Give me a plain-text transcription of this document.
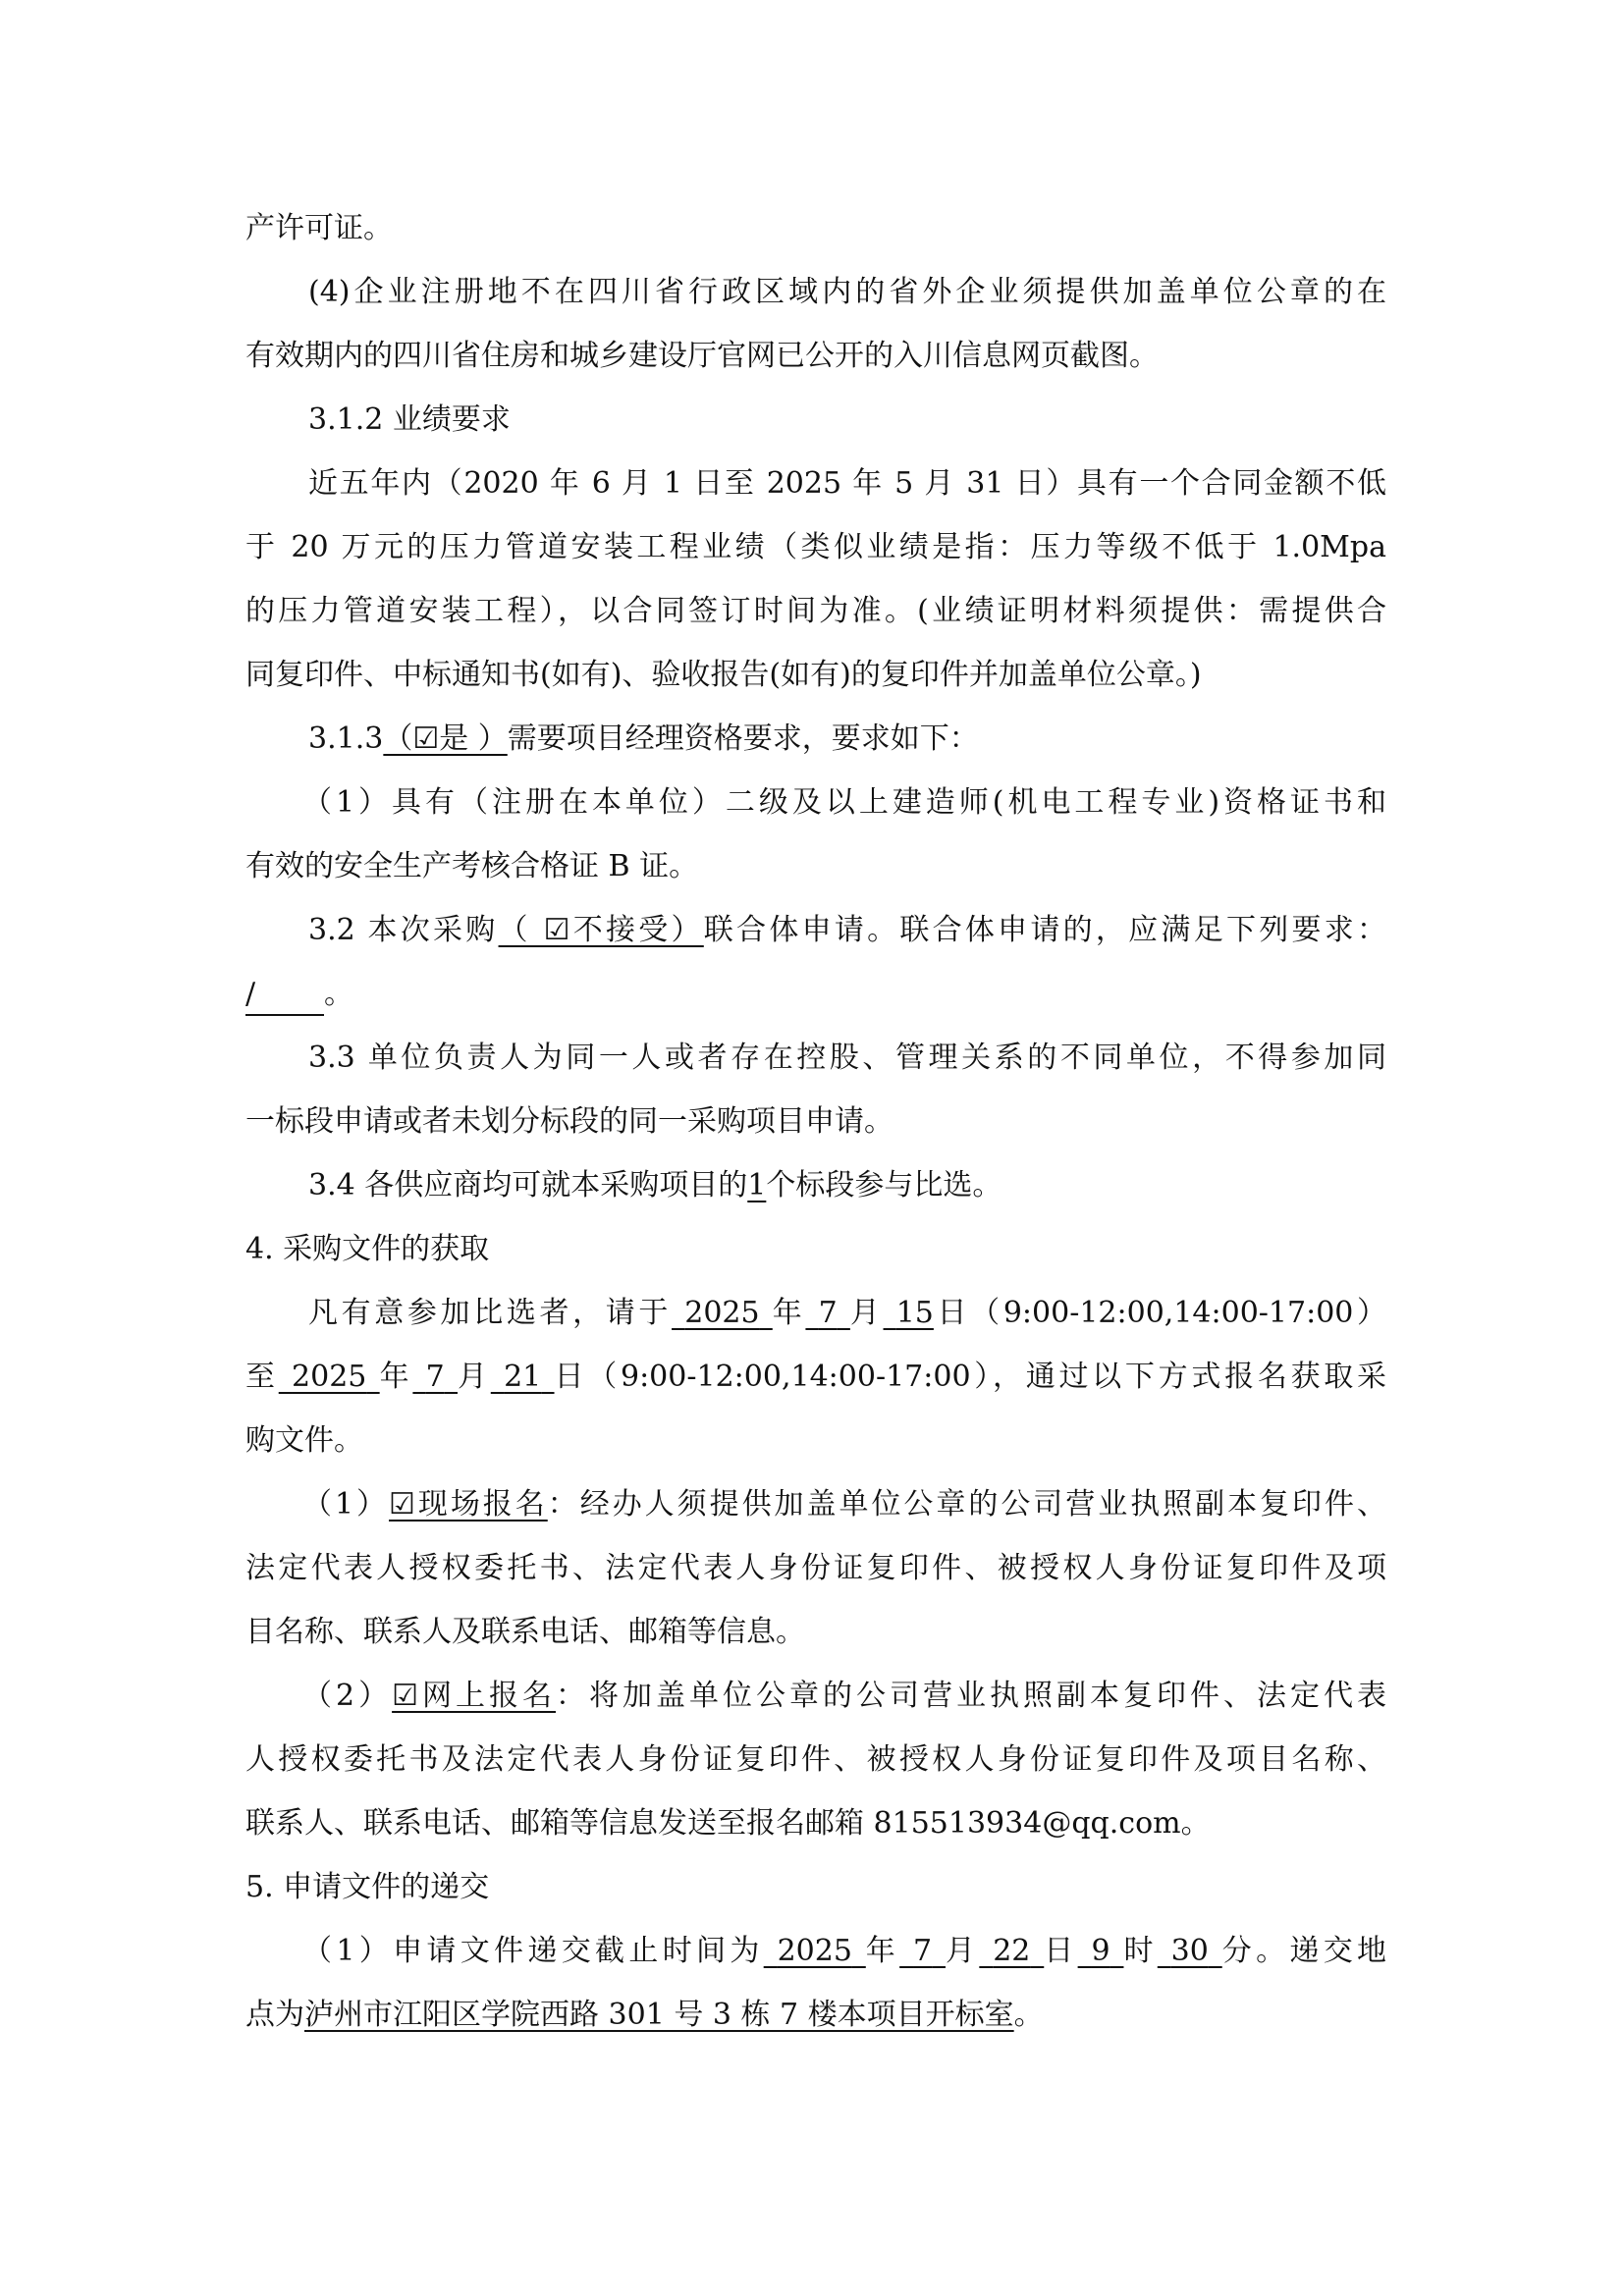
产许可证。
(4)企业注册地不在四川省行政区域内的省外企业须提供加盖单位公章的在
有效期内的四川省住房和城乡建设厅官网已公开的入川信息网页截图。
3.1.2 业绩要求
近五年内（2020 年 6 月 1 日至 2025 年 5 月 31 日）具有一个合同金额不低
于 20 万元的压力管道安装工程业绩（类似业绩是指：压力等级不低于 1.0Mpa
的压力管道安装工程），以合同签订时间为准。(业绩证明材料须提供：需提供合
同复印件、中标通知书(如有)、验收报告(如有)的复印件并加盖单位公章。)
3.1.3（☑是 ）需要项目经理资格要求，要求如下：
（1）具有（注册在本单位）二级及以上建造师(机电工程专业)资格证书和
有效的安全生产考核合格证 B 证。
3.2 本次采购（ ☑不接受）联合体申请。联合体申请的，应满足下列要求：
/ 。
3.3 单位负责人为同一人或者存在控股、管理关系的不同单位，不得参加同
一标段申请或者未划分标段的同一采购项目申请。
3.4 各供应商均可就本采购项目的1个标段参与比选。
4. 采购文件的获取
凡有意参加比选者，请于 2025 年 7 月 15日（9:00-12:00,14:00-17:00）
至 2025 年 7 月 21 日（9:00-12:00,14:00-17:00），通过以下方式报名获取采
购文件。
（1）☑现场报名：经办人须提供加盖单位公章的公司营业执照副本复印件、
法定代表人授权委托书、法定代表人身份证复印件、被授权人身份证复印件及项
目名称、联系人及联系电话、邮箱等信息。
（2）☑网上报名：将加盖单位公章的公司营业执照副本复印件、法定代表
人授权委托书及法定代表人身份证复印件、被授权人身份证复印件及项目名称、
联系人、联系电话、邮箱等信息发送至报名邮箱 815513934@qq.com。
5. 申请文件的递交
（1）申请文件递交截止时间为 2025 年 7 月 22 日 9 时 30 分。递交地
点为泸州市江阳区学院西路 301 号 3 栋 7 楼本项目开标室。
